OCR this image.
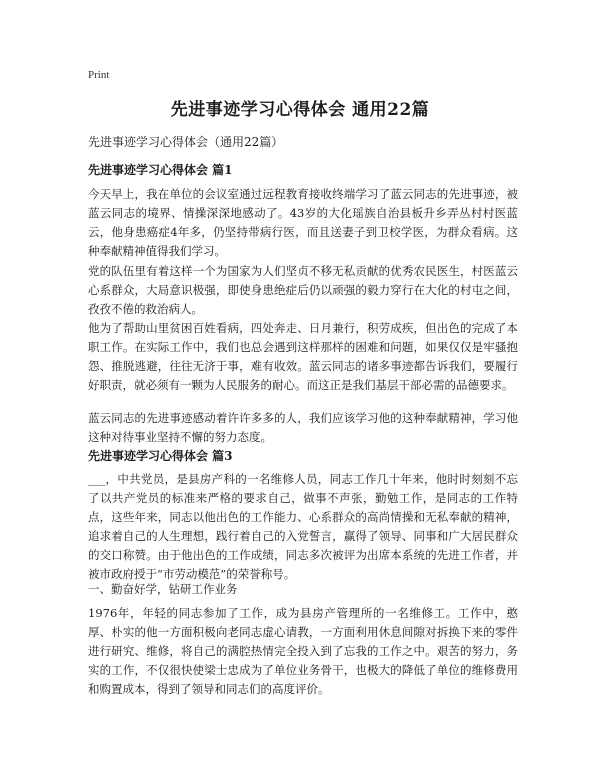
Print
先进事迹学习心得体会 通用22篇
先进事迹学习心得体会（通用22篇）
先进事迹学习心得体会 篇1
今天早上，我在单位的会议室通过远程教育接收终端学习了蓝云同志的先进事迹，被蓝云同志的境界、情操深深地感动了。43岁的大化瑶族自治县板升乡弄丛村村医蓝云，他身患癌症4年多，仍坚持带病行医，而且送妻子到卫校学医，为群众看病。这种奉献精神值得我们学习。
党的队伍里有着这样一个为国家为人们坚贞不移无私贡献的优秀农民医生，村医蓝云心系群众，大局意识极强，即使身患绝症后仍以顽强的毅力穿行在大化的村屯之间，孜孜不倦的救治病人。
他为了帮助山里贫困百姓看病，四处奔走、日月兼行，积劳成疾，但出色的完成了本职工作。在实际工作中，我们也总会遇到这样那样的困难和问题，如果仅仅是牢骚抱怨、推脱逃避，往往无济于事，难有收效。蓝云同志的诸多事迹都告诉我们，要履行好职责，就必须有一颗为人民服务的耐心。而这正是我们基层干部必需的品德要求。
蓝云同志的先进事迹感动着许许多多的人，我们应该学习他的这种奉献精神，学习他这种对待事业坚持不懈的努力态度。
先进事迹学习心得体会 篇3
___，中共党员，是县房产科的一名维修人员，同志工作几十年来，他时时刻刻不忘了以共产党员的标准来严格的要求自己，做事不声张，勤勉工作，是同志的工作特点，这些年来，同志以他出色的工作能力、心系群众的高尚情操和无私奉献的精神，追求着自己的人生理想，践行着自己的入党誓言，赢得了领导、同事和广大居民群众的交口称赞。由于他出色的工作成绩，同志多次被评为出席本系统的先进工作者，并被市政府授于“市劳动模范”的荣誉称号。
一、勤奋好学，钻研工作业务
1976年，年轻的同志参加了工作，成为县房产管理所的一名维修工。工作中，憨厚、朴实的他一方面积极向老同志虚心请教，一方面利用休息间隙对拆换下来的零件进行研究、维修，将自己的满腔热情完全投入到了忘我的工作之中。艰苦的努力，务实的工作，不仅很快使梁士忠成为了单位业务骨干，也极大的降低了单位的维修费用和购置成本，得到了领导和同志们的高度评价。
